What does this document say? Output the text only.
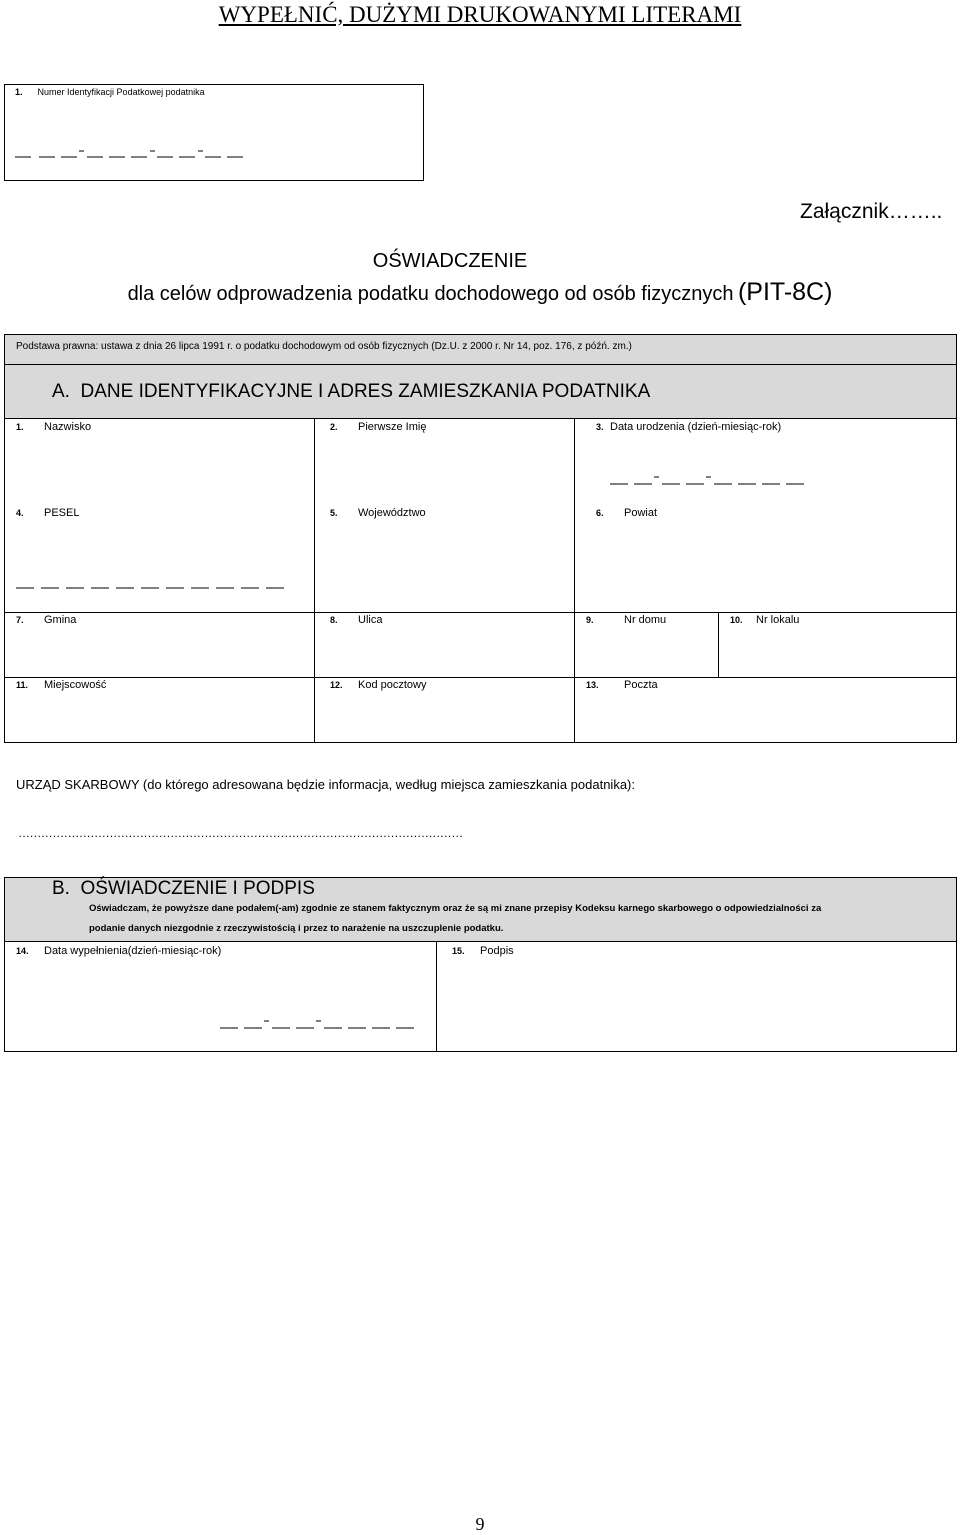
WYPEŁNIĆ, DUŻYMI DRUKOWANYMI LITERAMI
1. Numer Identyfikacji Podatkowej podatnika
Załącznik……..
OŚWIADCZENIE
dla celów odprowadzenia podatku dochodowego od osób fizycznych (PIT-8C)
Podstawa prawna: ustawa z dnia 26 lipca 1991 r. o podatku dochodowym od osób fizycznych (Dz.U. z 2000 r. Nr 14, poz. 176, z późń. zm.)
A.  DANE IDENTYFIKACYJNE I ADRES ZAMIESZKANIA PODATNIKA
1. Nazwisko	2. Pierwsze Imię	3. Data urodzenia (dzień-miesiąc-rok)
4. PESEL	5. Województwo	6. Powiat
7. Gmina	8. Ulica	9.	Nr domu	10. Nr lokalu
11. Miejscowość	12. Kod pocztowy	13. Poczta
URZĄD SKARBOWY (do którego adresowana będzie informacja, według miejsca zamieszkania podatnika):
………………………………………………………………………………………………………
B.  OŚWIADCZENIE I PODPIS
Oświadczam, że powyższe dane podałem(-am) zgodnie ze stanem faktycznym oraz że są mi znane przepisy Kodeksu karnego skarbowego o odpowiedzialności za
podanie danych niezgodnie z rzeczywistością i przez to narażenie na uszczuplenie podatku.
14. Data wypełnienia(dzień-miesiąc-rok)	15. Podpis
9
